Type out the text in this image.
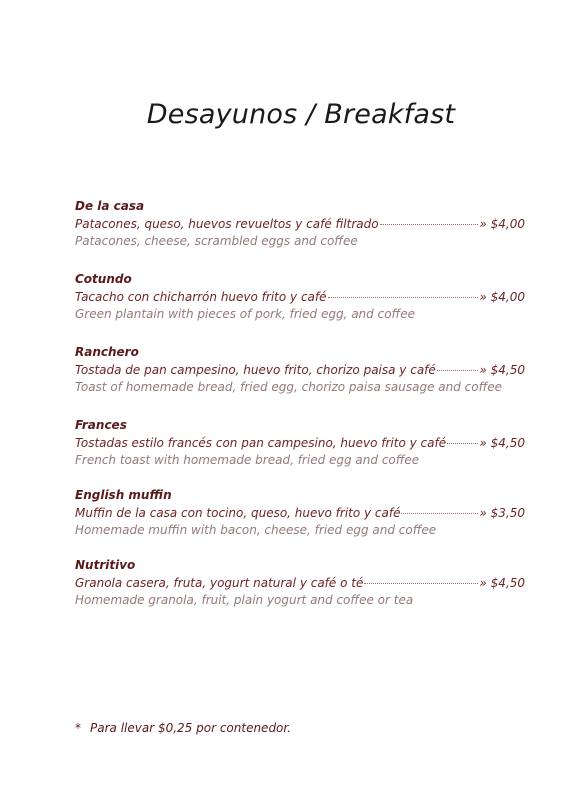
Desayunos / Breakfast
De la casa
Patacones, queso, huevos revueltos y café filtrado	» $4,00
Patacones, cheese, scrambled eggs and coffee
Cotundo
Tacacho con chicharrón huevo frito y café	» $4,00
Green plantain with pieces of pork, fried egg, and coffee
Ranchero
Tostada de pan campesino, huevo frito, chorizo paisa y café	» $4,50
Toast of homemade bread, fried egg, chorizo paisa sausage and coffee
Frances
Tostadas estilo francés con pan campesino, huevo frito y café	» $4,50
French toast with homemade bread, fried egg and coffee
English muffin
Muffin de la casa con tocino, queso, huevo frito y café	» $3,50
Homemade muffin with bacon, cheese, fried egg and coffee
Nutritivo
Granola casera, fruta, yogurt natural y café o té	» $4,50
Homemade granola, fruit, plain yogurt and coffee or tea
* Para llevar $0,25 por contenedor.
